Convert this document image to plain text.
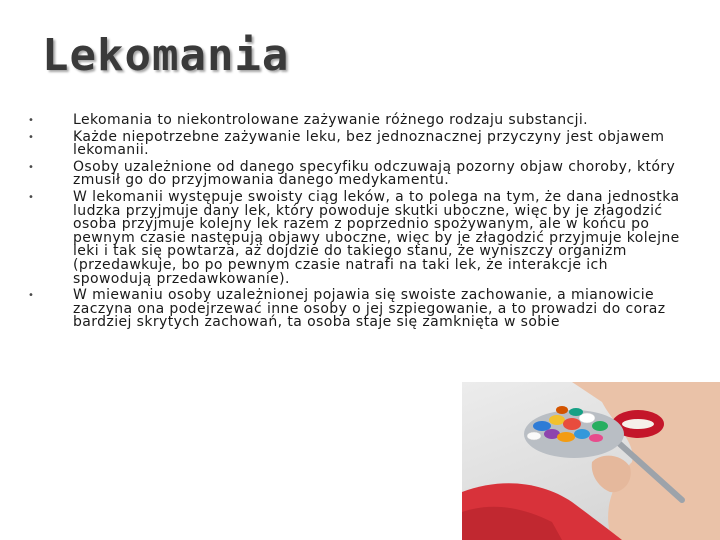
Lekomania
•	Lekomania to niekontrolowane zażywanie różnego rodzaju substancji.
•	Każde niepotrzebne zażywanie leku, bez jednoznacznej przyczyny jest objawem lekomanii.
•	Osoby uzależnione od danego specyfiku odczuwają pozorny objaw choroby, który zmusił go do przyjmowania danego medykamentu.
•	W lekomanii występuje swoisty ciąg leków, a to polega na tym, że dana jednostka ludzka przyjmuje dany lek, który powoduje skutki uboczne, więc by je złagodzić osoba przyjmuje kolejny lek razem z poprzednio spożywanym, ale w końcu po pewnym czasie następują objawy uboczne, więc by je złagodzić przyjmuje kolejne leki i tak się powtarza, aż dojdzie do takiego stanu, że wyniszczy organizm (przedawkuje, bo po pewnym czasie natrafi na taki lek, że interakcje ich spowodują przedawkowanie).
•	W miewaniu osoby uzależnionej pojawia się swoiste zachowanie, a mianowicie zaczyna ona podejrzewać inne osoby o jej szpiegowanie, a to prowadzi do coraz bardziej skrytych zachowań, ta osoba staje się zamknięta w sobie
